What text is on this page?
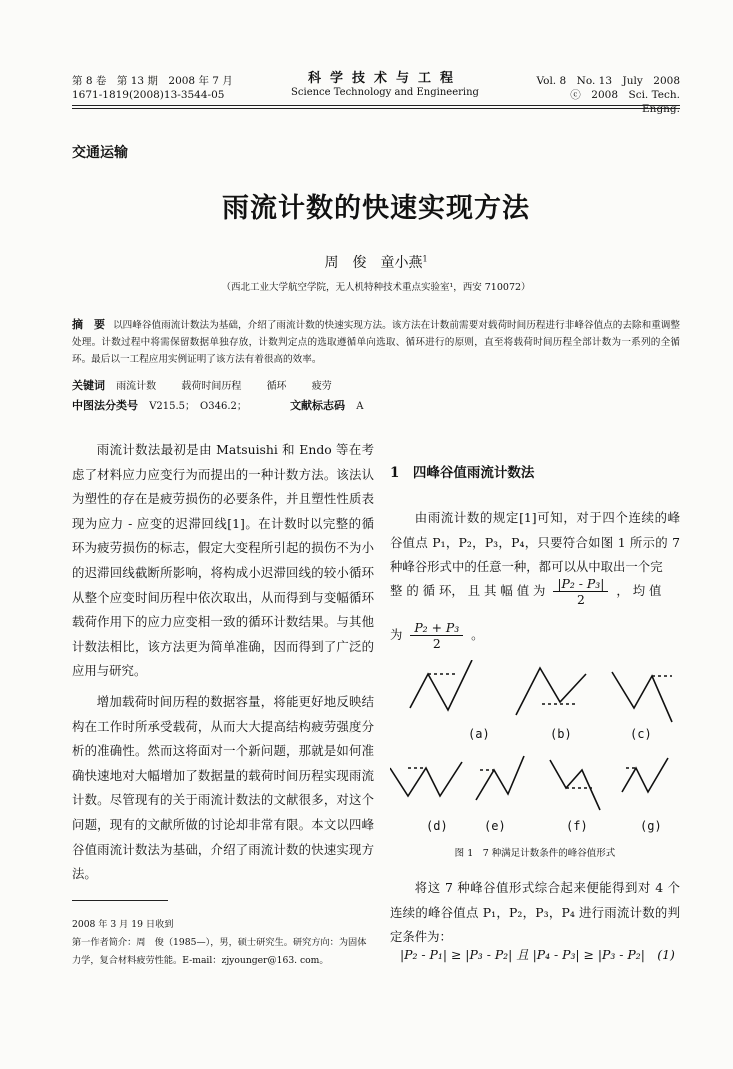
第 8 卷　第 13 期　2008 年 7 月
1671-1819(2008)13-3544-05
科学技术与工程
Science Technology and Engineering
Vol. 8　No. 13　July　2008
ⓒ　2008　Sci. Tech. Engng.
交通运输
雨流计数的快速实现方法
周　俊　童小燕$^1$
（西北工业大学航空学院，无人机特种技术重点实验室¹，西安 710072）
摘　要 以四峰谷值雨流计数法为基础，介绍了雨流计数的快速实现方法。该方法在计数前需要对载荷时间历程进行非峰谷值点的去除和重调整处理。计数过程中将需保留数据单独存放，计数判定点的选取遵循单向选取、循环进行的原则，直至将载荷时间历程全部计数为一系列的全循环。最后以一工程应用实例证明了该方法有着很高的效率。
关键词 雨流计数	载荷时间历程	循环	疲劳
中图法分类号 V215.5；　O346.2；	文献标志码 A

雨流计数法最初是由 Matsuishi 和 Endo 等在考虑了材料应力应变行为而提出的一种计数方法。该法认为塑性的存在是疲劳损伤的必要条件，并且塑性性质表现为应力 - 应变的迟滞回线[1]。在计数时以完整的循环为疲劳损伤的标志，假定大变程所引起的损伤不为小的迟滞回线截断所影响，将构成小迟滞回线的较小循环从整个应变时间历程中依次取出，从而得到与变幅循环载荷作用下的应力应变相一致的循环计数结果。与其他计数法相比，该方法更为简单准确，因而得到了广泛的应用与研究。

增加载荷时间历程的数据容量，将能更好地反映结构在工作时所承受载荷，从而大大提高结构疲劳强度分析的准确性。然而这将面对一个新问题，那就是如何准确快速地对大幅增加了数据量的载荷时间历程实现雨流计数。尽管现有的关于雨流计数法的文献很多，对这个问题，现有的文献所做的讨论却非常有限。本文以四峰谷值雨流计数法为基础，介绍了雨流计数的快速实现方法。

2008 年 3 月 19 日收到
第一作者简介：周　俊（1985—），男，硕士研究生。研究方向：为固体力学，复合材料疲劳性能。E-mail：zjyounger@163. com。
1　四峰谷值雨流计数法

由雨流计数的规定[1]可知，对于四个连续的峰谷值点 P₁，P₂，P₃，P₄，只要符合如图 1 所示的 7 种峰谷形式中的任意一种，都可以从中取出一个完

整 的 循 环， 且 其 幅 值 为 $\frac{\text{|P₂ - P₃|}}{2}$ ， 均 值
为 $\frac{\text{P₂ + P₃}}{2}$ 。
(a)	(b)	(c)
(d)	(e)	(f)	(g)
图 1　7 种满足计数条件的峰谷值形式

将这 7 种峰谷值形式综合起来便能得到对 4 个连续的峰谷值点 P₁，P₂，P₃，P₄ 进行雨流计数的判定条件为：

|P₂ - P₁| ≥ |P₃ - P₂| 且 |P₄ - P₃| ≥ |P₃ - P₂|　(1)
